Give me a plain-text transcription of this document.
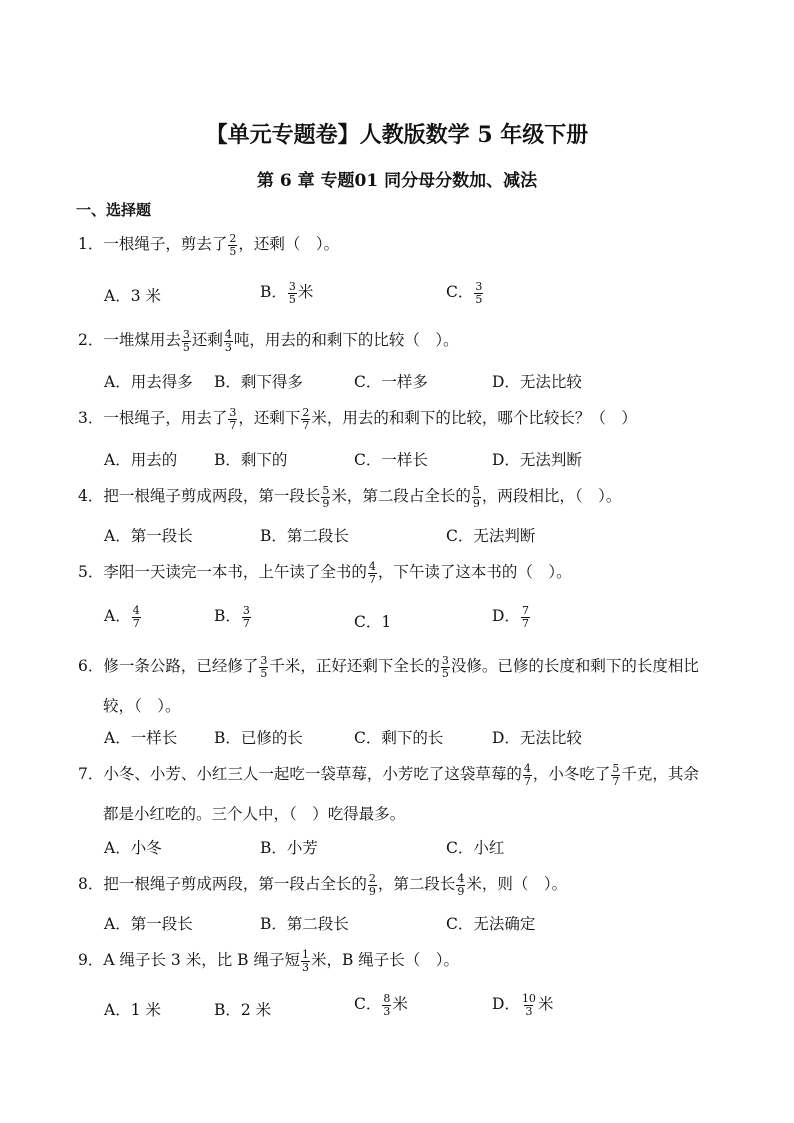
【单元专题卷】人教版数学 5 年级下册
第 6 章 专题01 同分母分数加、减法
一、选择题
1．一根绳子，剪去了 $\frac{2}{5}$ ，还剩（　）。
A．3 米	B． $\frac{3}{5}$ 米	C． $\frac{3}{5}$
2．一堆煤用去 $\frac{3}{5}$ 还剩 $\frac{4}{3}$ 吨，用去的和剩下的比较（　）。
A．用去得多 B．剩下得多	C．一样多	D．无法比较
3．一根绳子，用去了 $\frac{3}{7}$ ，还剩下 $\frac{2}{7}$ 米，用去的和剩下的比较，哪个比较长？（　）
A．用去的 B．剩下的	C．一样长	D．无法判断
4．把一根绳子剪成两段，第一段长 $\frac{5}{9}$ 米，第二段占全长的 $\frac{5}{9}$ ，两段相比，（　）。
A．第一段长	B．第二段长	C．无法判断
5．李阳一天读完一本书，上午读了全书的 $\frac{4}{7}$ ，下午读了这本书的（　）。
A． $\frac{4}{7}$	B． $\frac{3}{7}$	C．1	D． $\frac{7}{7}$
6．修一条公路，已经修了 $\frac{3}{5}$ 千米，正好还剩下全长的 $\frac{3}{5}$ 没修。已修的长度和剩下的长度相比
较，（　）。
A．一样长 B．已修的长	C．剩下的长	D．无法比较
7．小冬、小芳、小红三人一起吃一袋草莓，小芳吃了这袋草莓的 $\frac{4}{7}$ ，小冬吃了 $\frac{5}{7}$ 千克，其余
都是小红吃的。三个人中，（　）吃得最多。
A．小冬	B．小芳	C．小红
8．把一根绳子剪成两段，第一段占全长的 $\frac{2}{9}$ ，第二段长 $\frac{4}{9}$ 米，则（　）。
A．第一段长	B．第二段长	C．无法确定
9．A 绳子长 3 米，比 B 绳子短 $\frac{1}{3}$ 米，B 绳子长（　）。
A．1 米	B．2 米	C． $\frac{8}{3}$ 米	D． $\frac{10}{3}$ 米
